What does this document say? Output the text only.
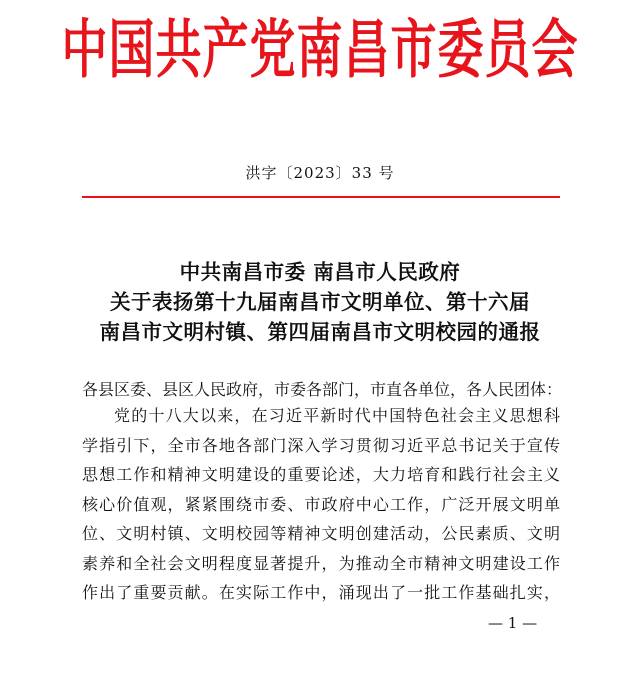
中国共产党南昌市委员会
洪字〔2023〕33 号
中共南昌市委 南昌市人民政府
关于表扬第十九届南昌市文明单位、第十六届
南昌市文明村镇、第四届南昌市文明校园的通报
各县区委、县区人民政府，市委各部门，市直各单位，各人民团体：
党的十八大以来，在习近平新时代中国特色社会主义思想科
学指引下，全市各地各部门深入学习贯彻习近平总书记关于宣传
思想工作和精神文明建设的重要论述，大力培育和践行社会主义
核心价值观，紧紧围绕市委、市政府中心工作，广泛开展文明单
位、文明村镇、文明校园等精神文明创建活动，公民素质、文明
素养和全社会文明程度显著提升，为推动全市精神文明建设工作
作出了重要贡献。在实际工作中，涌现出了一批工作基础扎实，
— 1 —
